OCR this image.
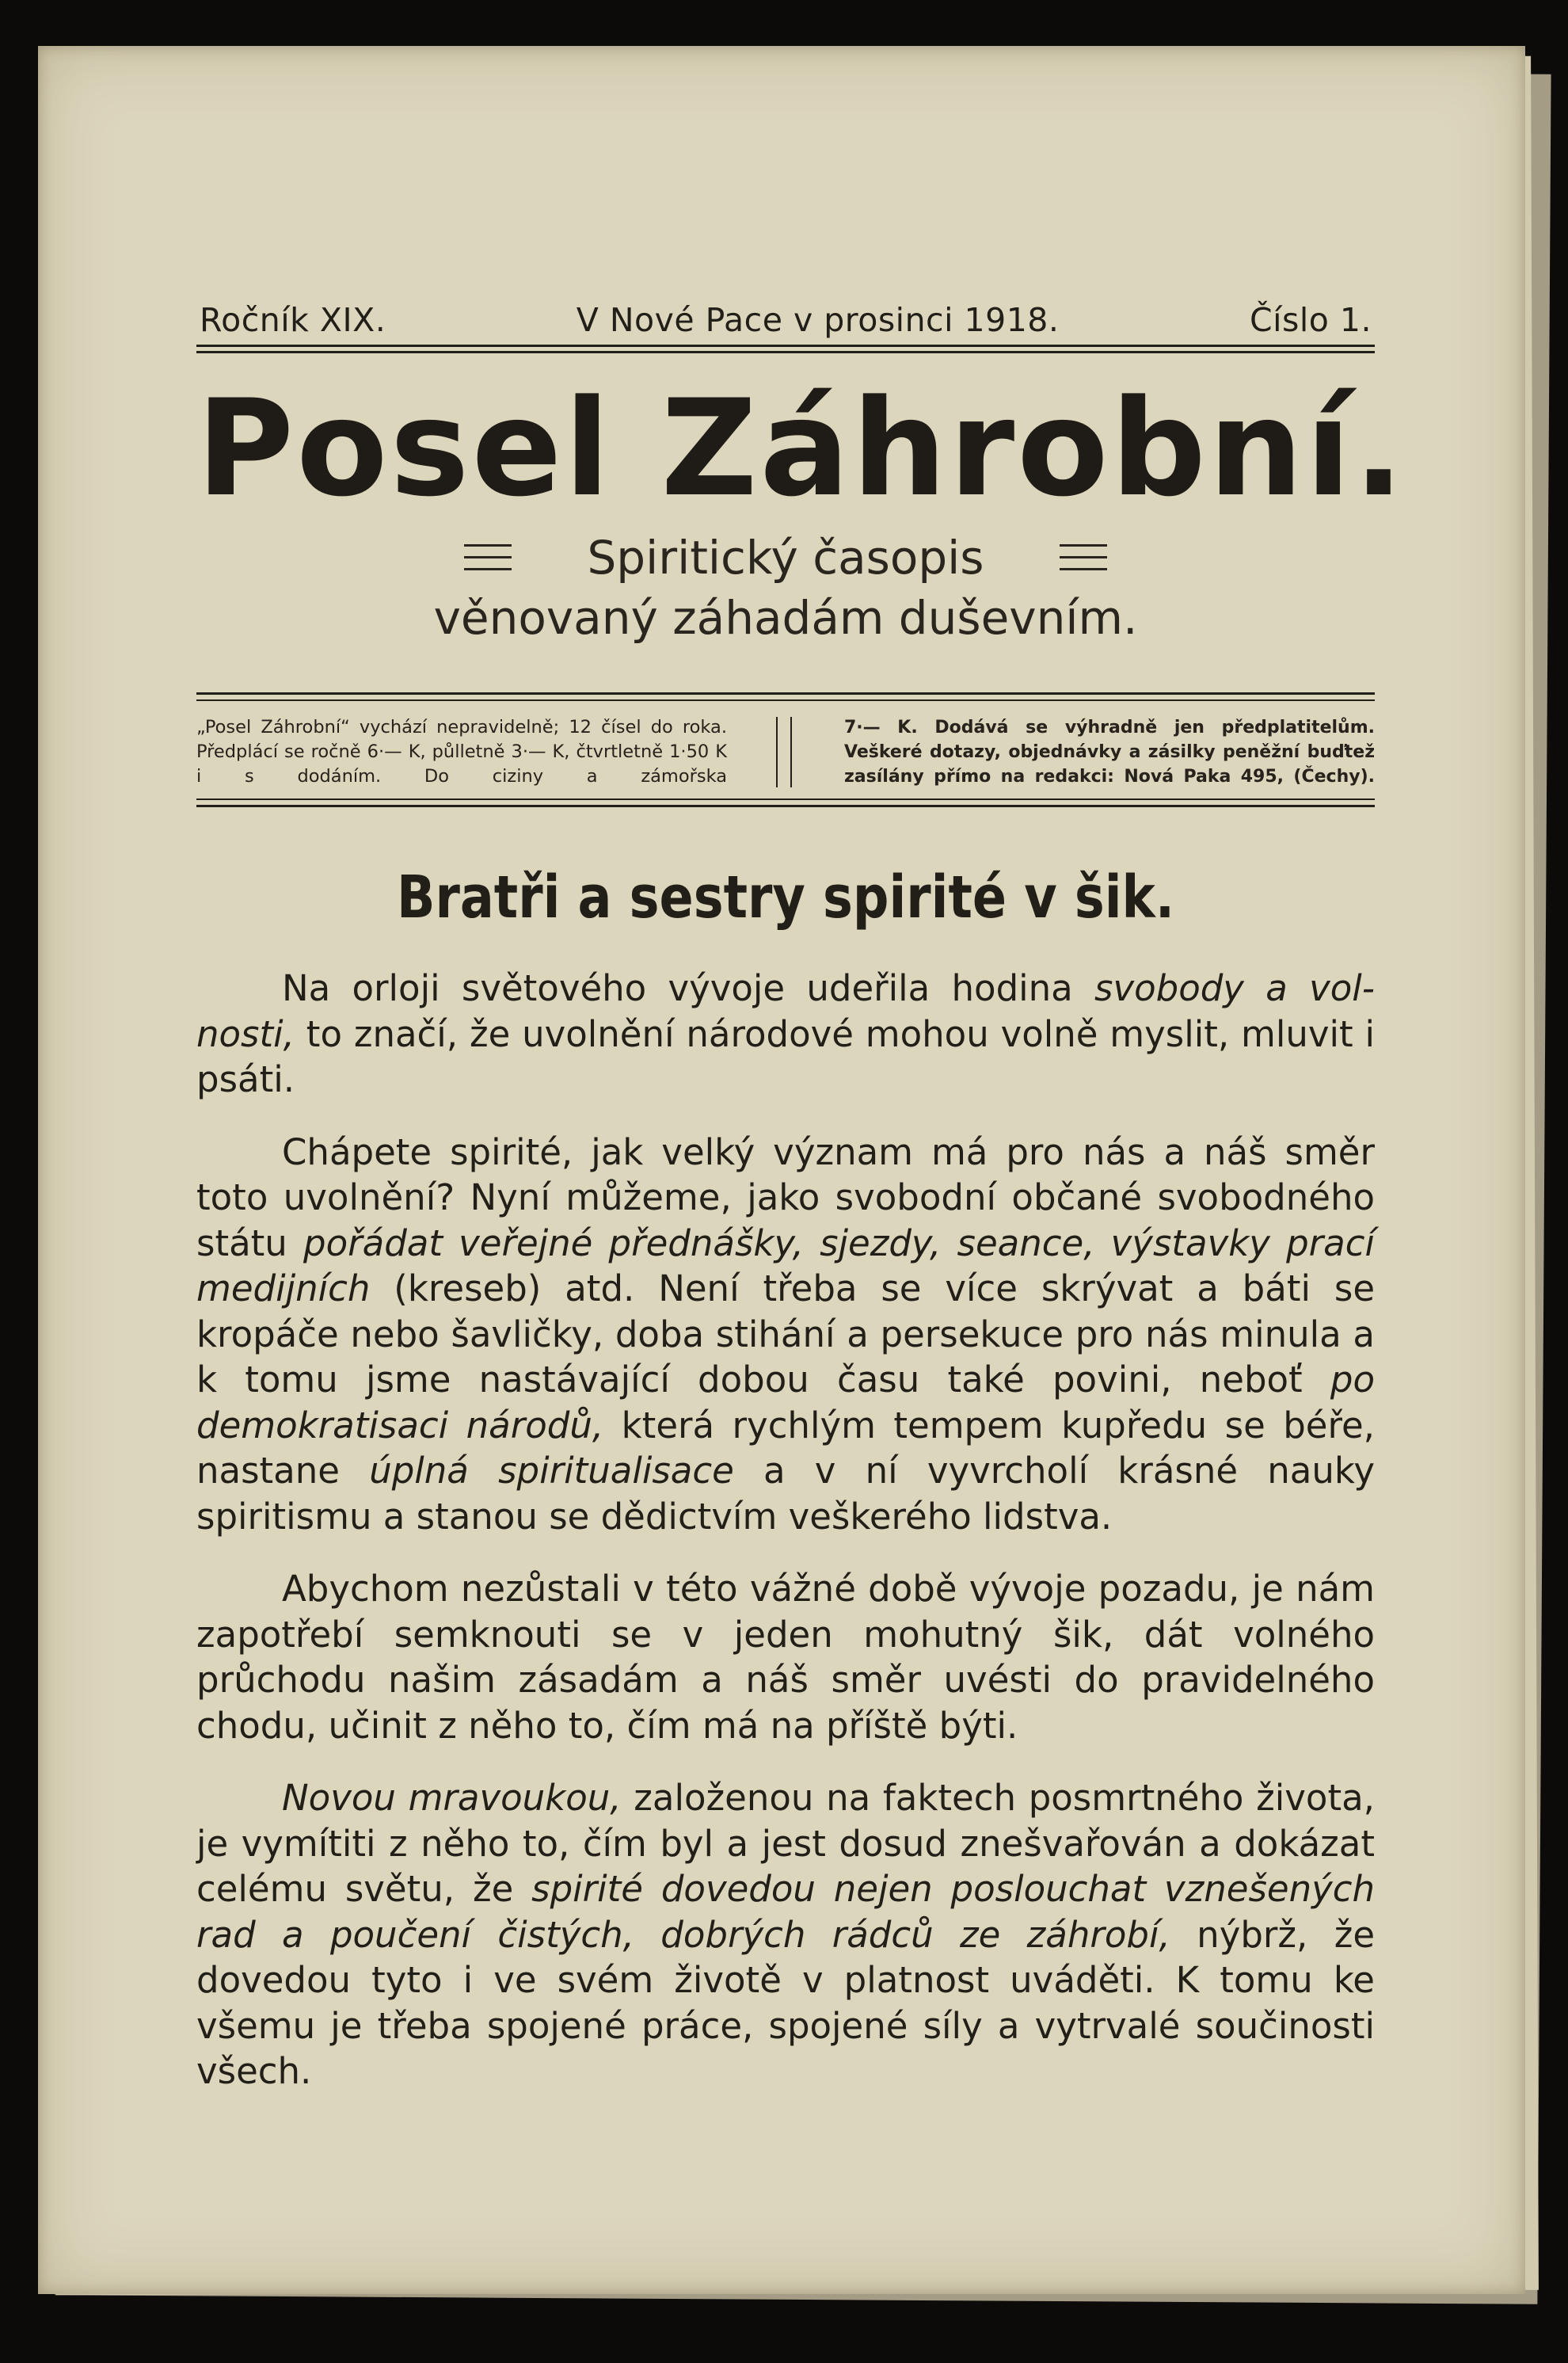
Ročník XIX.	V Nové Pace v prosinci 1918.	Číslo 1.
Posel Záhrobní.
Spiritický časopis
věnovaný záhadám duševním.
„Posel Záhrobní“ vychází nepravidelně; 12 čísel do roka. Předplácí se ročně 6·— K, půlletně 3·— K, čtvrtletně 1·50 K i s dodáním. Do ciziny a zámořska
7·— K. Dodává se výhradně jen předplatitelům. Veškeré dotazy, objednávky a zásilky peněžní buďtež zasílány přímo na redakci: Nová Paka 495, (Čechy).
Bratři a sestry spirité v šik.

Na orloji světového vývoje udeřila hodina svobody a volnosti, to značí, že uvolnění národové mohou volně myslit, mluvit i psáti.

Chápete spirité, jak velký význam má pro nás a náš směr toto uvolnění? Nyní můžeme, jako svobodní občané svobodného státu pořádat veřejné přednášky, sjezdy, seance, výstavky prací medijních (kreseb) atd. Není třeba se více skrývat a báti se kropáče nebo šavličky, doba stihání a persekuce pro nás minula a k tomu jsme nastávající dobou času také povini, neboť po demokratisaci národů, která rychlým tempem kupředu se béře, nastane úplná spiritualisace a v ní vyvrcholí krásné nauky spiritismu a stanou se dědictvím veškerého lidstva.

Abychom nezůstali v této vážné době vývoje pozadu, je nám zapotřebí semknouti se v jeden mohutný šik, dát volného průchodu našim zásadám a náš směr uvésti do pravidelného chodu, učinit z něho to, čím má na příště býti.

Novou mravoukou, založenou na faktech posmrtného života, je vymítiti z něho to, čím byl a jest dosud znešvařován a dokázat celému světu, že spirité dovedou nejen poslouchat vznešených rad a poučení čistých, dobrých rádců ze záhrobí, nýbrž, že dovedou tyto i ve svém životě v platnost uváděti. K tomu ke všemu je třeba spojené práce, spojené síly a vytrvalé součinosti všech.
